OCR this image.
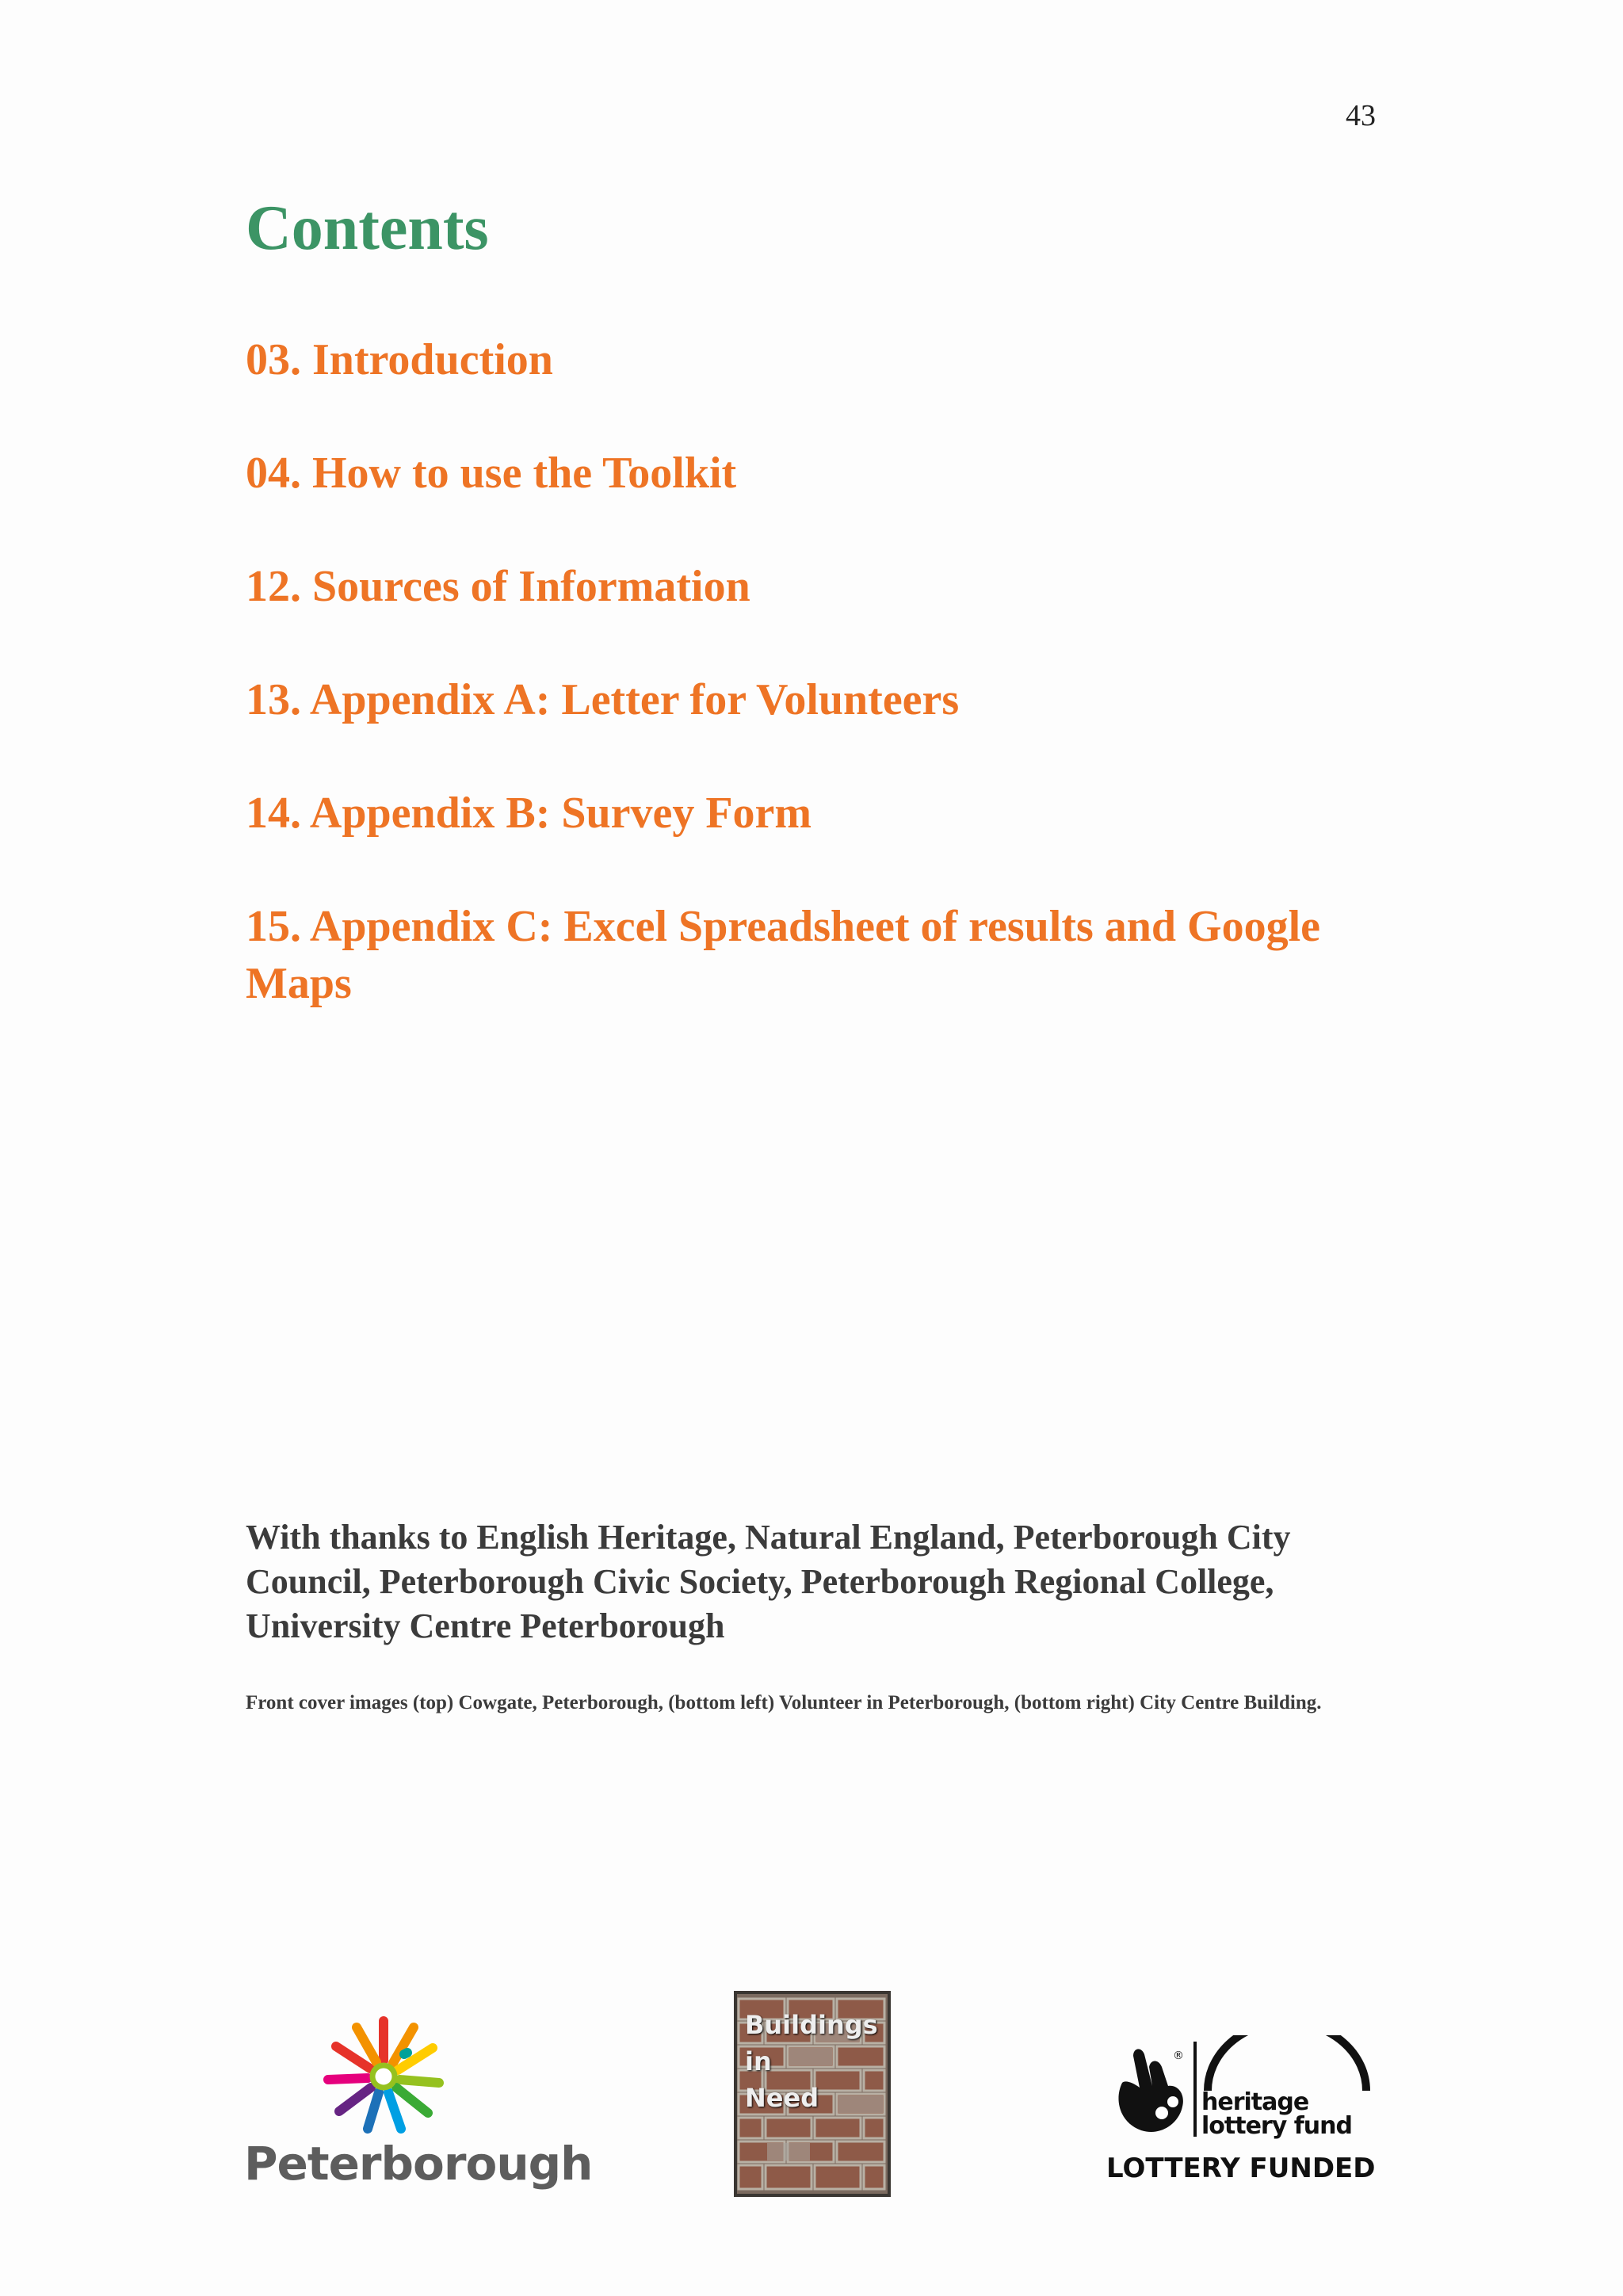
43
Contents
03. Introduction
04. How to use the Toolkit
12. Sources of Information
13. Appendix A: Letter for Volunteers
14. Appendix B: Survey Form
15. Appendix C: Excel Spreadsheet of results and Google Maps
With thanks to English Heritage, Natural England, Peterborough City Council, Peterborough Civic Society, Peterborough Regional College, University Centre Peterborough
Front cover images (top) Cowgate, Peterborough, (bottom left) Volunteer in Peterborough, (bottom right) City Centre Building.
Peterborough
Buildings
in
Need
®
heritage
lottery fund
LOTTERY FUNDED
